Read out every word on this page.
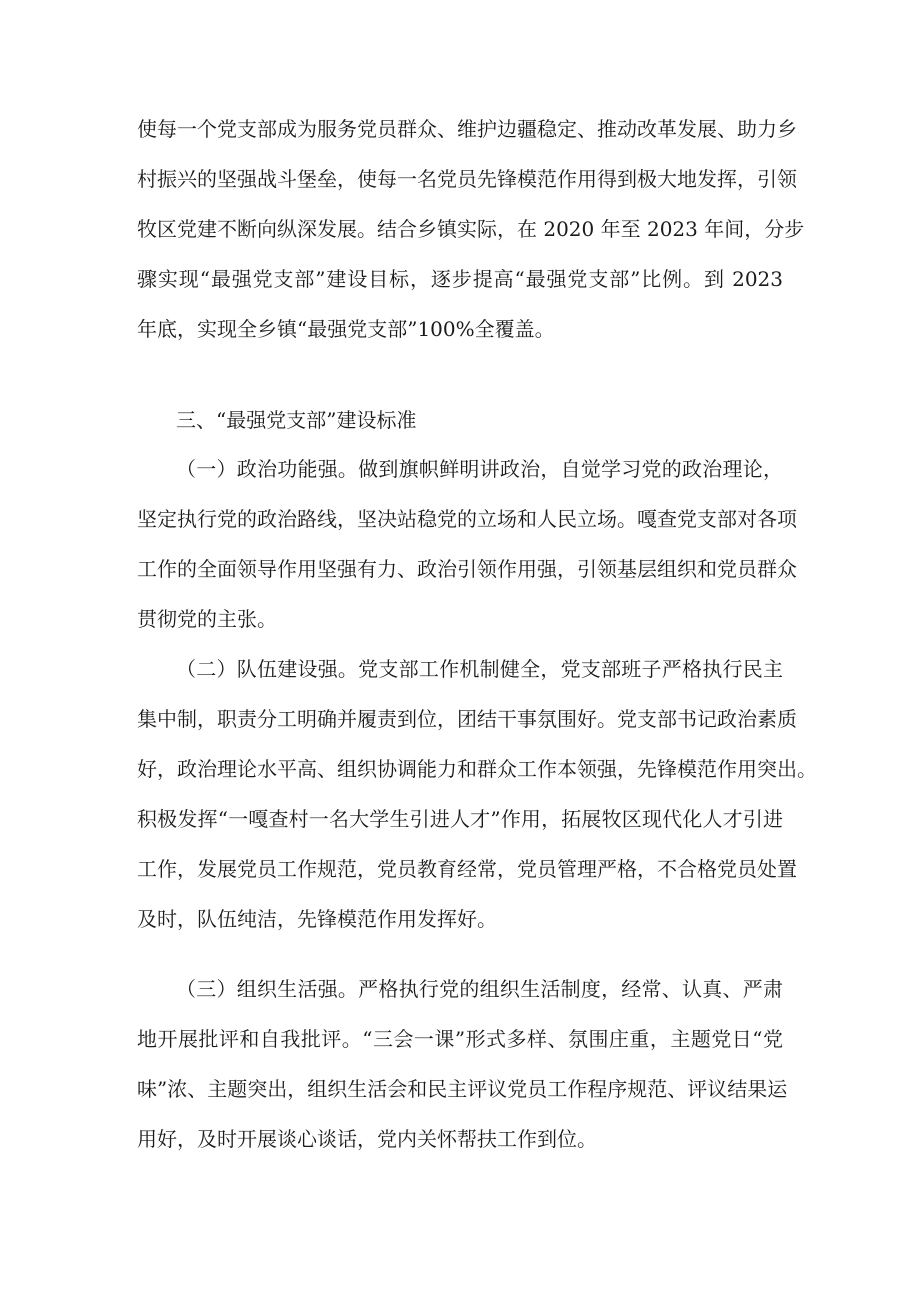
使每一个党支部成为服务党员群众、维护边疆稳定、推动改革发展、助力乡
村振兴的坚强战斗堡垒，使每一名党员先锋模范作用得到极大地发挥，引领
牧区党建不断向纵深发展。结合乡镇实际，在 2020 年至 2023 年间，分步
骤实现“最强党支部”建设目标，逐步提高“最强党支部”比例。到 2023
年底，实现全乡镇“最强党支部”100%全覆盖。
三、“最强党支部”建设标准
（一）政治功能强。做到旗帜鲜明讲政治，自觉学习党的政治理论，
坚定执行党的政治路线，坚决站稳党的立场和人民立场。嘎查党支部对各项
工作的全面领导作用坚强有力、政治引领作用强，引领基层组织和党员群众
贯彻党的主张。
（二）队伍建设强。党支部工作机制健全，党支部班子严格执行民主
集中制，职责分工明确并履责到位，团结干事氛围好。党支部书记政治素质
好，政治理论水平高、组织协调能力和群众工作本领强，先锋模范作用突出。
积极发挥“一嘎查村一名大学生引进人才”作用，拓展牧区现代化人才引进
工作，发展党员工作规范，党员教育经常，党员管理严格，不合格党员处置
及时，队伍纯洁，先锋模范作用发挥好。
（三）组织生活强。严格执行党的组织生活制度，经常、认真、严肃
地开展批评和自我批评。“三会一课”形式多样、氛围庄重，主题党日“党
味”浓、主题突出，组织生活会和民主评议党员工作程序规范、评议结果运
用好，及时开展谈心谈话，党内关怀帮扶工作到位。
